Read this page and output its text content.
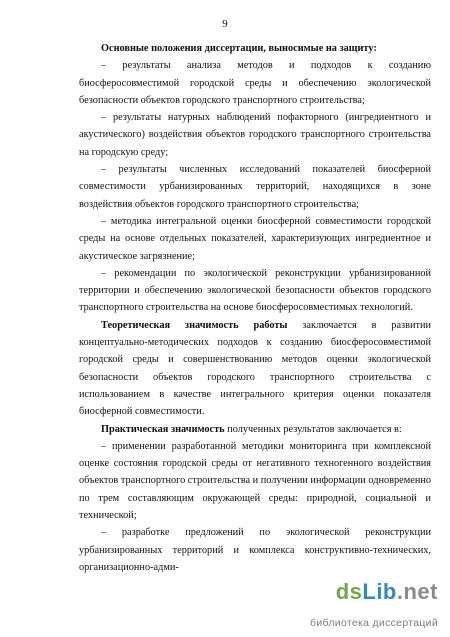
9

Основные положения диссертации, выносимые на защиту:

– результаты анализа методов и подходов к созданию биосферосовместимой городской среды и обеспечению экологической безопасности объектов городского транспортного строительства;

– результаты натурных наблюдений пофакторного (ингредиентного и акустического) воздействия объектов городского транспортного строительства на городскую среду;

– результаты численных исследований показателей биосферной совместимости урбанизированных территорий, находящихся в зоне воздействия объектов городского транспортного строительства;

– методика интегральной оценки биосферной совместимости городской среды на основе отдельных показателей, характеризующих ингредиентное и акустическое загрязнение;

– рекомендации по экологической реконструкции урбанизированной территории и обеспечению экологической безопасности объектов городского транспортного строительства на основе биосферосовместимых технологий.

Теоретическая значимость работы заключается в развитии концептуально-методических подходов к созданию биосферосовместимой городской среды и совершенствованию методов оценки экологической безопасности объектов городского транспортного строительства с использованием в качестве интегрального критерия оценки показателя биосферной совместимости.

Практическая значимость полученных результатов заключается в:

– применении разработанной методики мониторинга при комплексной оценке состояния городской среды от негативного техногенного воздействия объектов транспортного строительства и получении информации одновременно по трем составляющим окружающей среды: природной, социальной и технической;

– разработке предложений по экологической реконструкции урбанизированных территорий и комплекса конструктивно-технических, организационно-адми-

dsLib.net
библиотека диссертаций
